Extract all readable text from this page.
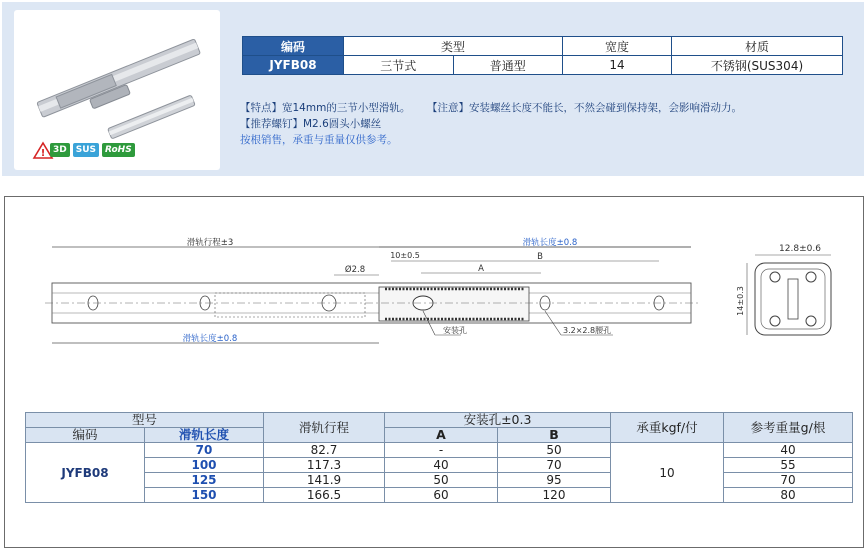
! 3D	SUS	RoHS
编码	类型		宽度	材质
JYFB08	三节式	普通型	14	不锈钢(SUS304)
【特点】宽14mm的三节小型滑轨。 【注意】安装螺丝长度不能长，不然会碰到保持架，会影响滑动力。
【推荐螺钉】M2.6圆头小螺丝
按根销售，承重与重量仅供参考。
滑轨行程±3	滑轨长度±0.8
10±0.5	B
A
Ø2.8
安装孔	3.2×2.8腰孔
滑轨长度±0.8
12.8±0.6
14±0.3
型号		滑轨行程	安装孔±0.3		承重kgf/付	参考重量g/根
编码	滑轨长度		A	B		
JYFB08	70	82.7	-	50	10	40
	100	117.3	40	70		55
	125	141.9	50	95		70
	150	166.5	60	120		80
